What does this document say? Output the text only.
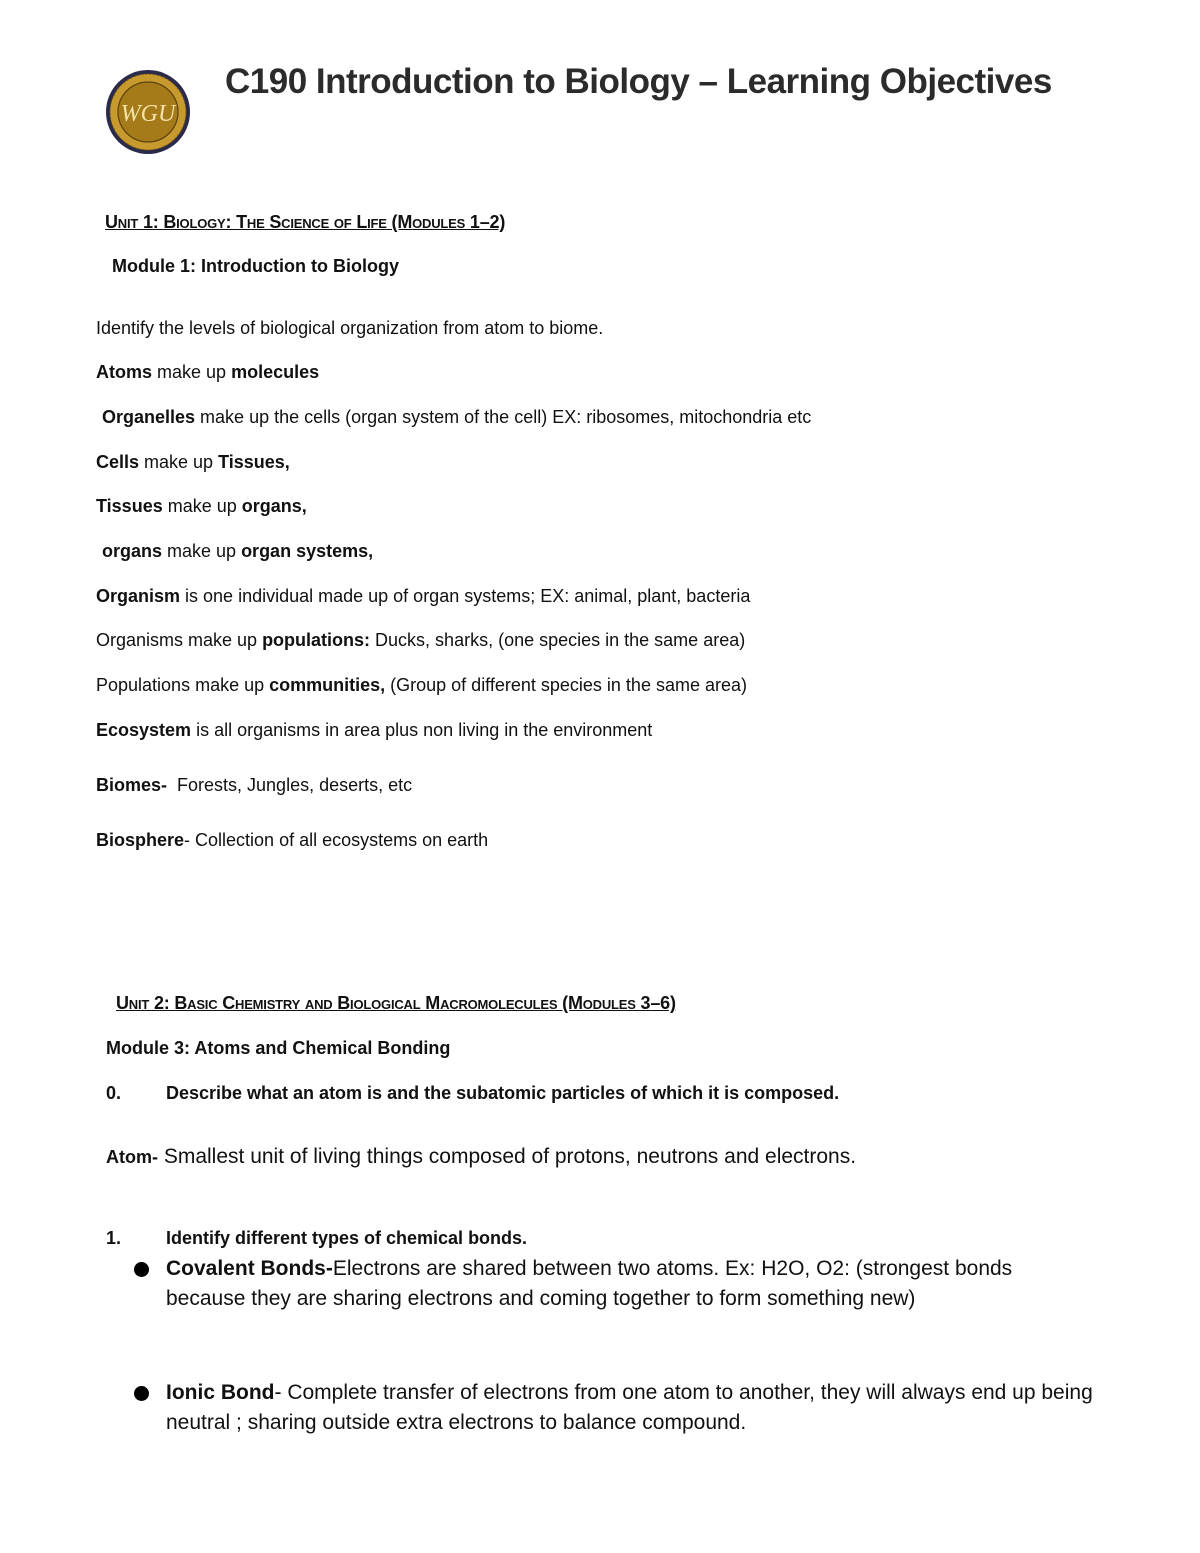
WGU
C190 Introduction to Biology – Learning Objectives
Unit 1: Biology: The Science of Life (Modules 1–2)
Module 1: Introduction to Biology
Identify the levels of biological organization from atom to biome.
Atoms make up molecules
Organelles make up the cells (organ system of the cell) EX: ribosomes, mitochondria etc
Cells make up Tissues,
Tissues make up organs,
organs make up organ systems,
Organism is one individual made up of organ systems; EX: animal, plant, bacteria
Organisms make up populations: Ducks, sharks, (one species in the same area)
Populations make up communities, (Group of different species in the same area)
Ecosystem is all organisms in area plus non living in the environment
Biomes-  Forests, Jungles, deserts, etc
Biosphere- Collection of all ecosystems on earth
Unit 2: Basic Chemistry and Biological Macromolecules (Modules 3–6)
Module 3: Atoms and Chemical Bonding
0. Describe what an atom is and the subatomic particles of which it is composed.
Atom- Smallest unit of living things composed of protons, neutrons and electrons.
1. Identify different types of chemical bonds.
Covalent Bonds-Electrons are shared between two atoms. Ex: H2O, O2: (strongest bonds because they are sharing electrons and coming together to form something new)
Ionic Bond- Complete transfer of electrons from one atom to another, they will always end up being neutral ; sharing outside extra electrons to balance compound.
